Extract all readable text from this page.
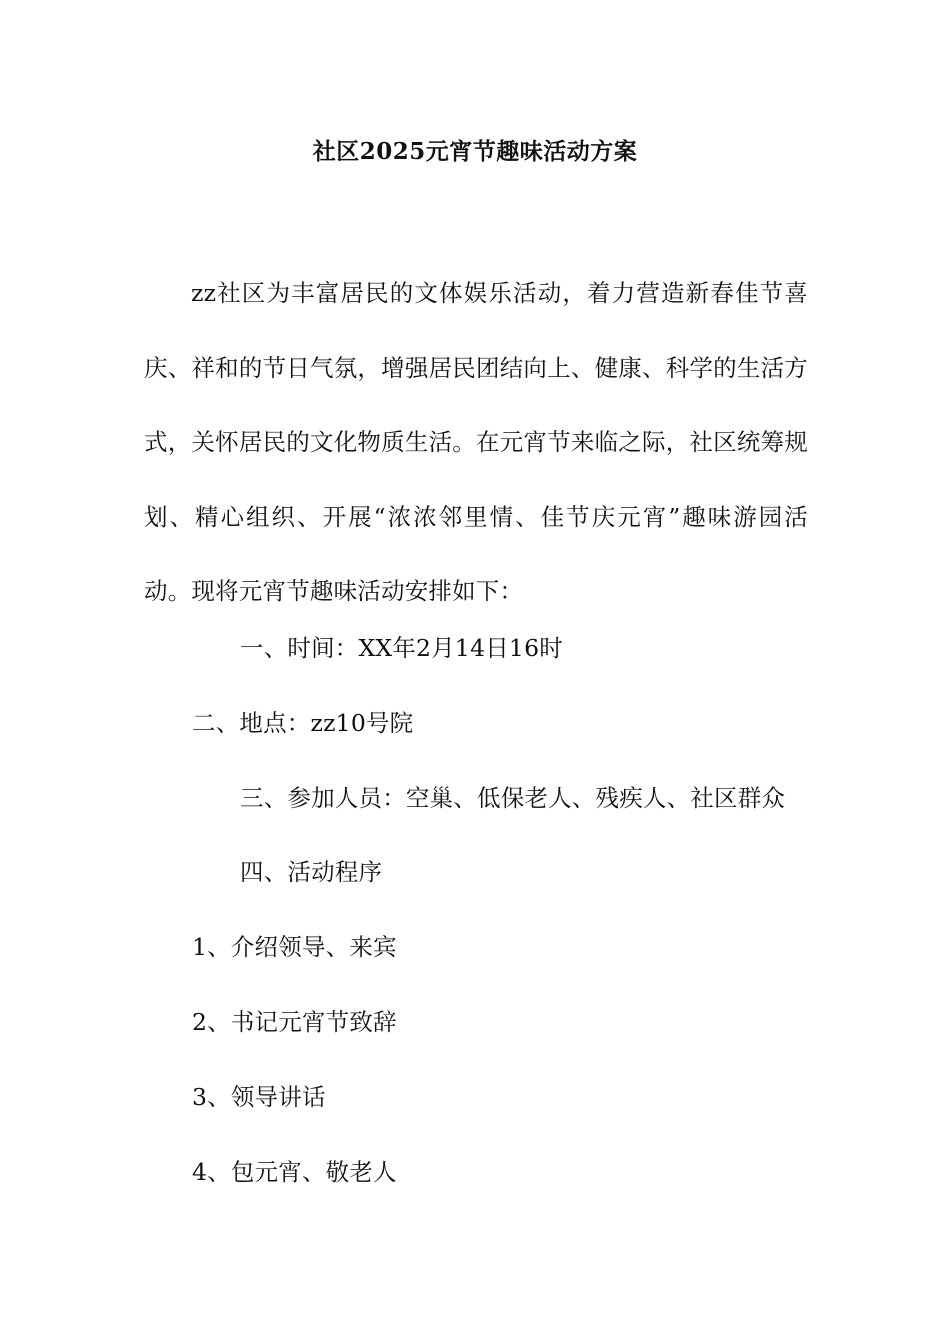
社区2025元宵节趣味活动方案
zz社区为丰富居民的文体娱乐活动，着力营造新春佳节喜庆、祥和的节日气氛，增强居民团结向上、健康、科学的生活方式，关怀居民的文化物质生活。在元宵节来临之际，社区统筹规划、精心组织、开展“浓浓邻里情、佳节庆元宵”趣味游园活动。现将元宵节趣味活动安排如下：
一、时间：XX年2月14日16时
二、地点：zz10号院
三、参加人员：空巢、低保老人、残疾人、社区群众
四、活动程序
1、介绍领导、来宾
2、书记元宵节致辞
3、领导讲话
4、包元宵、敬老人
